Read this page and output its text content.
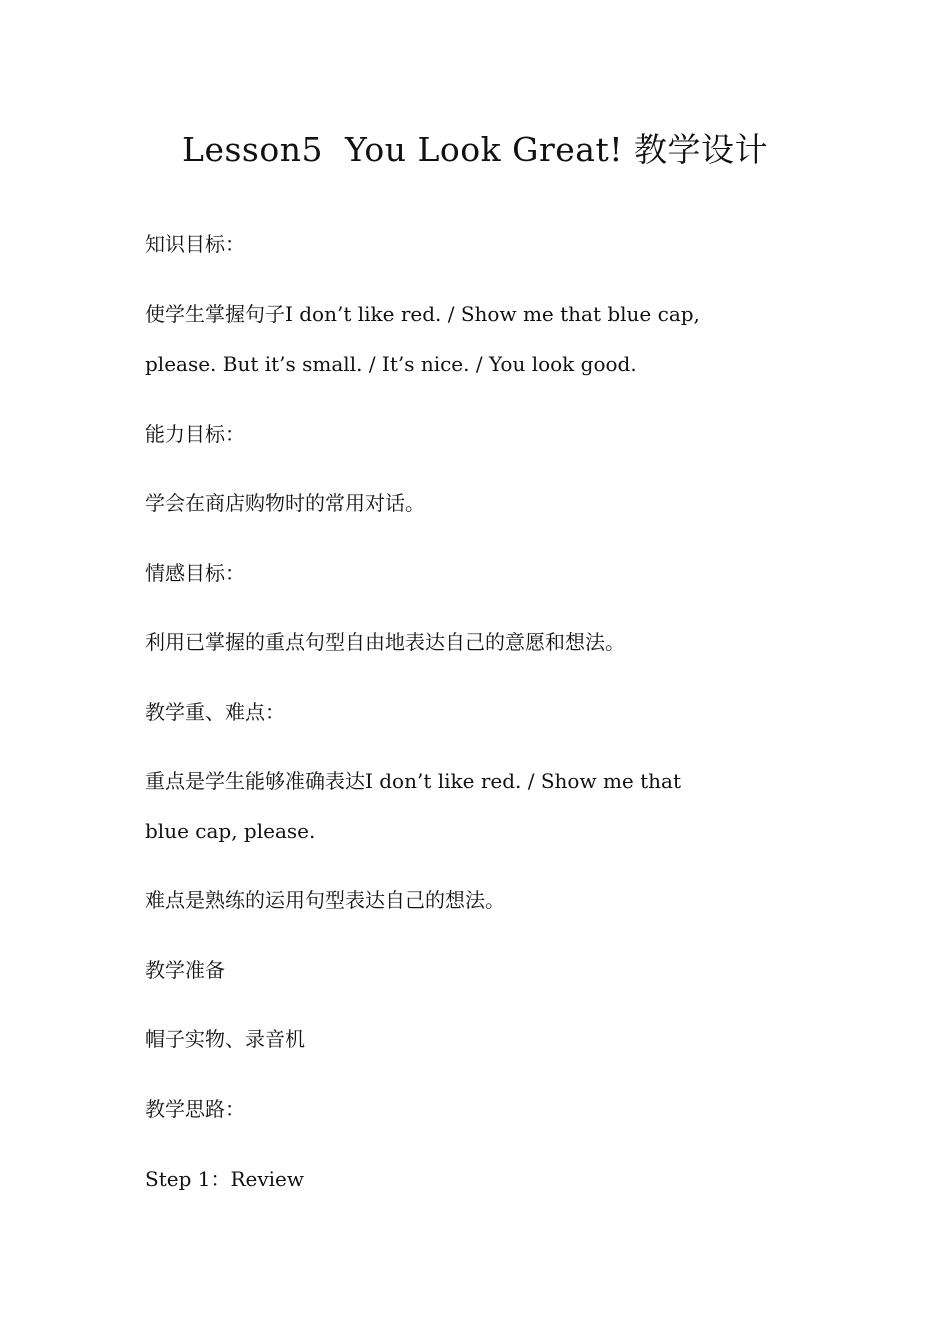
Lesson5  You Look Great! 教学设计
知识目标：
使学生掌握句子I don’t like red. / Show me that blue cap,
please. But it’s small. / It’s nice. / You look good.
能力目标：
学会在商店购物时的常用对话。
情感目标：
利用已掌握的重点句型自由地表达自己的意愿和想法。
教学重、难点：
重点是学生能够准确表达I don’t like red. / Show me that
blue cap, please.
难点是熟练的运用句型表达自己的想法。
教学准备
帽子实物、录音机
教学思路：
Step 1：Review
